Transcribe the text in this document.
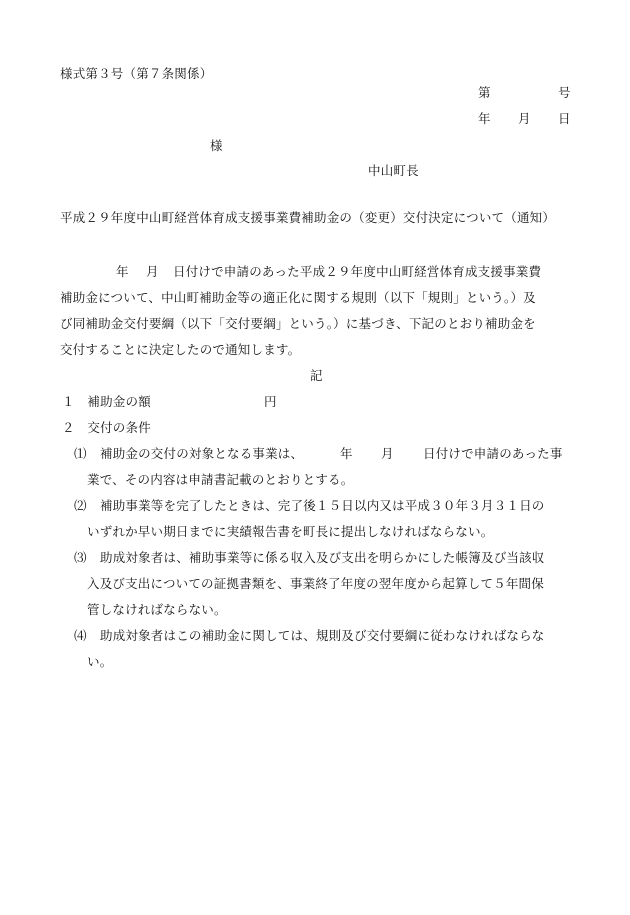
様式第３号（第７条関係）
第	号
年 月 日
様
中山町長
平成２９年度中山町経営体育成支援事業費補助金の（変更）交付決定について（通知）
年 月 日付けで申請のあった平成２９年度中山町経営体育成支援事業費
補助金について、中山町補助金等の適正化に関する規則（以下「規則」という。）及
び同補助金交付要綱（以下「交付要綱」という。）に基づき、下記のとおり補助金を
交付することに決定したので通知します。
記
１　補助金の額	円
２　交付の条件
⑴ 補助金の交付の対象となる事業は、	年 月 日付けで申請のあった事
業で、その内容は申請書記載のとおりとする。
⑵ 補助事業等を完了したときは、完了後１５日以内又は平成３０年３月３１日の
いずれか早い期日までに実績報告書を町長に提出しなければならない。
⑶ 助成対象者は、補助事業等に係る収入及び支出を明らかにした帳簿及び当該収
入及び支出についての証拠書類を、事業終了年度の翌年度から起算して５年間保
管しなければならない。
⑷ 助成対象者はこの補助金に関しては、規則及び交付要綱に従わなければならな
い。
